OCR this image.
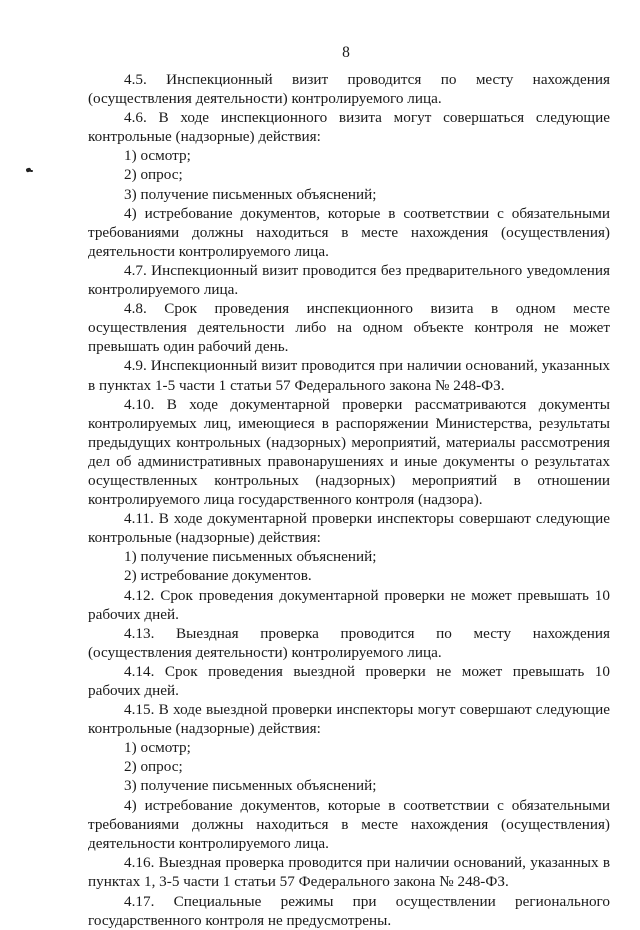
8

4.5. Инспекционный визит проводится по месту нахождения (осуществления деятельности) контролируемого лица.

4.6. В ходе инспекционного визита могут совершаться следующие контрольные (надзорные) действия:

1) осмотр;

2) опрос;

3) получение письменных объяснений;

4) истребование документов, которые в соответствии с обязательными требованиями должны находиться в месте нахождения (осуществления) деятельности контролируемого лица.

4.7. Инспекционный визит проводится без предварительного уведомления контролируемого лица.

4.8. Срок проведения инспекционного визита в одном месте осуществления деятельности либо на одном объекте контроля не может превышать один рабочий день.

4.9. Инспекционный визит проводится при наличии оснований, указанных в пунктах 1-5 части 1 статьи 57 Федерального закона № 248-ФЗ.

4.10. В ходе документарной проверки рассматриваются документы контролируемых лиц, имеющиеся в распоряжении Министерства, результаты предыдущих контрольных (надзорных) мероприятий, материалы рассмотрения дел об административных правонарушениях и иные документы о результатах осуществленных контрольных (надзорных) мероприятий в отношении контролируемого лица государственного контроля (надзора).

4.11. В ходе документарной проверки инспекторы совершают следующие контрольные (надзорные) действия:

1) получение письменных объяснений;

2) истребование документов.

4.12. Срок проведения документарной проверки не может превышать 10 рабочих дней.

4.13. Выездная проверка проводится по месту нахождения (осуществления деятельности) контролируемого лица.

4.14. Срок проведения выездной проверки не может превышать 10 рабочих дней.

4.15. В ходе выездной проверки инспекторы могут совершают следующие контрольные (надзорные) действия:

1) осмотр;

2) опрос;

3) получение письменных объяснений;

4) истребование документов, которые в соответствии с обязательными требованиями должны находиться в месте нахождения (осуществления) деятельности контролируемого лица.

4.16. Выездная проверка проводится при наличии оснований, указанных в пунктах 1, 3-5 части 1 статьи 57 Федерального закона № 248-ФЗ.

4.17. Специальные режимы при осуществлении регионального государственного контроля не предусмотрены.
